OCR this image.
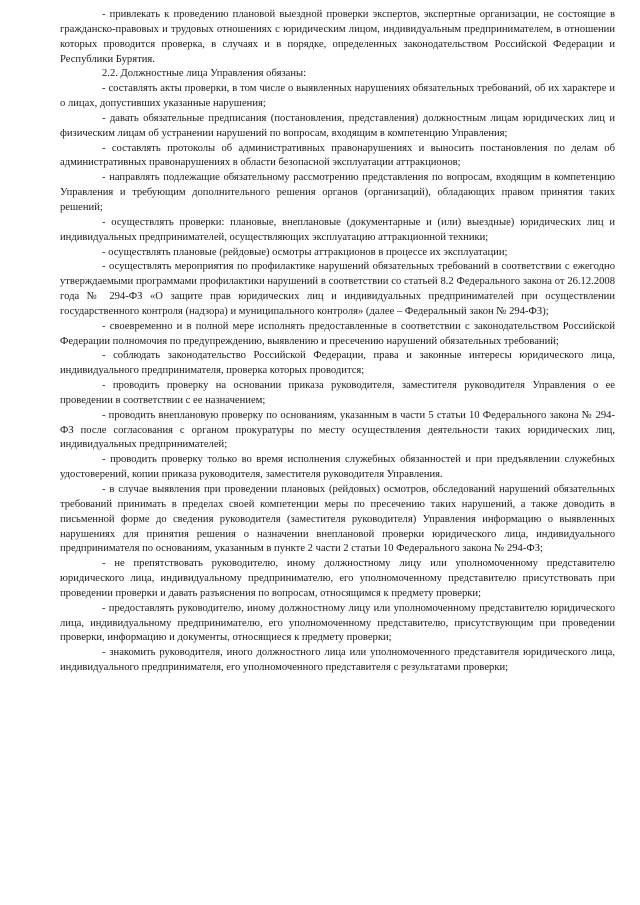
- привлекать к проведению плановой выездной проверки экспертов, экспертные организации, не состоящие в гражданско-правовых и трудовых отношениях с юридическим лицом, индивидуальным предпринимателем, в отношении которых проводится проверка, в случаях и в порядке, определенных законодательством Российской Федерации и Республики Бурятия.

2.2. Должностные лица Управления обязаны:

- составлять акты проверки, в том числе о выявленных нарушениях обязательных требований, об их характере и о лицах, допустивших указанные нарушения;

- давать обязательные предписания (постановления, представления) должностным лицам юридических лиц и физическим лицам об устранении нарушений по вопросам, входящим в компетенцию Управления;

- составлять протоколы об административных правонарушениях и выносить постановления по делам об административных правонарушениях в области безопасной эксплуатации аттракционов;

- направлять подлежащие обязательному рассмотрению представления по вопросам, входящим в компетенцию Управления и требующим дополнительного решения органов (организаций), обладающих правом принятия таких решений;

- осуществлять проверки: плановые, внеплановые (документарные и (или) выездные) юридических лиц и индивидуальных предпринимателей, осуществляющих эксплуатацию аттракционной техники;

- осуществлять плановые (рейдовые) осмотры аттракционов в процессе их эксплуатации;

- осуществлять мероприятия по профилактике нарушений обязательных требований в соответствии с ежегодно утверждаемыми программами профилактики нарушений в соответствии со статьей 8.2 Федерального закона от 26.12.2008 года № 294-ФЗ «О защите прав юридических лиц и индивидуальных предпринимателей при осуществлении государственного контроля (надзора) и муниципального контроля» (далее – Федеральный закон № 294-ФЗ);

- своевременно и в полной мере исполнять предоставленные в соответствии с законодательством Российской Федерации полномочия по предупреждению, выявлению и пресечению нарушений обязательных требований;

- соблюдать законодательство Российской Федерации, права и законные интересы юридического лица, индивидуального предпринимателя, проверка которых проводится;

- проводить проверку на основании приказа руководителя, заместителя руководителя Управления о ее проведении в соответствии с ее назначением;

- проводить внеплановую проверку по основаниям, указанным в части 5 статьи 10 Федерального закона № 294-ФЗ после согласования с органом прокуратуры по месту осуществления деятельности таких юридических лиц, индивидуальных предпринимателей;

- проводить проверку только во время исполнения служебных обязанностей и при предъявлении служебных удостоверений, копии приказа руководителя, заместителя руководителя Управления.

- в случае выявления при проведении плановых (рейдовых) осмотров, обследований нарушений обязательных требований принимать в пределах своей компетенции меры по пресечению таких нарушений, а также доводить в письменной форме до сведения руководителя (заместителя руководителя) Управления информацию о выявленных нарушениях для принятия решения о назначении внеплановой проверки юридического лица, индивидуального предпринимателя по основаниям, указанным в пункте 2 части 2 статьи 10 Федерального закона № 294-ФЗ;

- не препятствовать руководителю, иному должностному лицу или уполномоченному представителю юридического лица, индивидуальному предпринимателю, его уполномоченному представителю присутствовать при проведении проверки и давать разъяснения по вопросам, относящимся к предмету проверки;

- предоставлять руководителю, иному должностному лицу или уполномоченному представителю юридического лица, индивидуальному предпринимателю, его уполномоченному представителю, присутствующим при проведении проверки, информацию и документы, относящиеся к предмету проверки;

- знакомить руководителя, иного должностного лица или уполномоченного представителя юридического лица, индивидуального предпринимателя, его уполномоченного представителя с результатами проверки;
